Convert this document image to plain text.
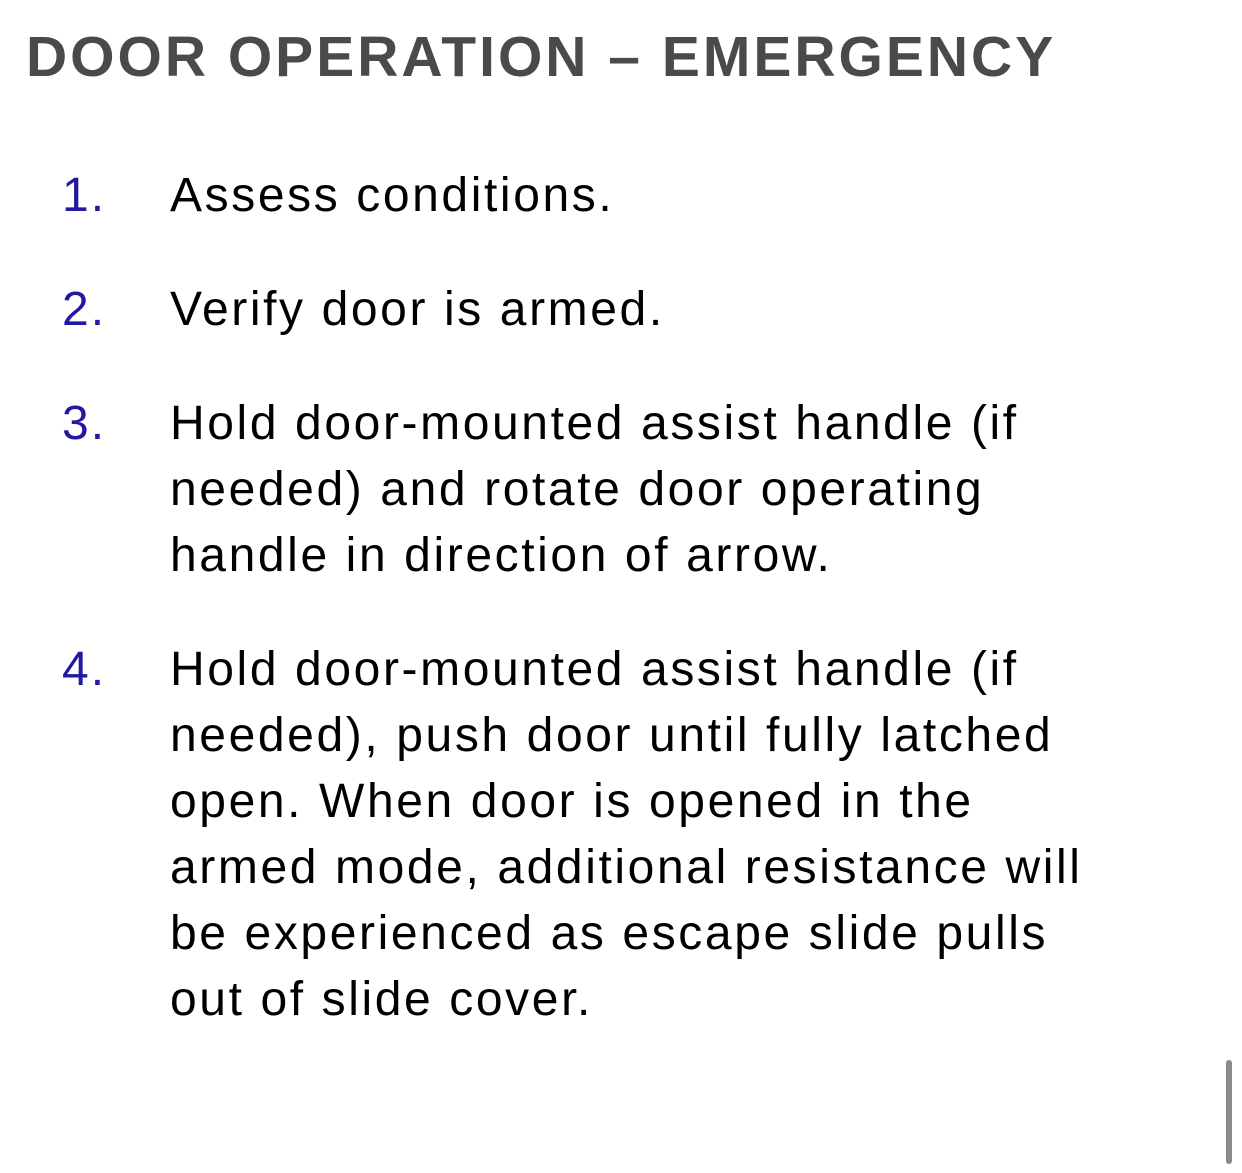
DOOR OPERATION – EMERGENCY
1. Assess conditions.
2. Verify door is armed.
3. Hold door-mounted assist handle (if needed) and rotate door operating handle in direction of arrow.
4. Hold door-mounted assist handle (if needed), push door until fully latched open. When door is opened in the armed mode, additional resistance will be experienced as escape slide pulls out of slide cover.
